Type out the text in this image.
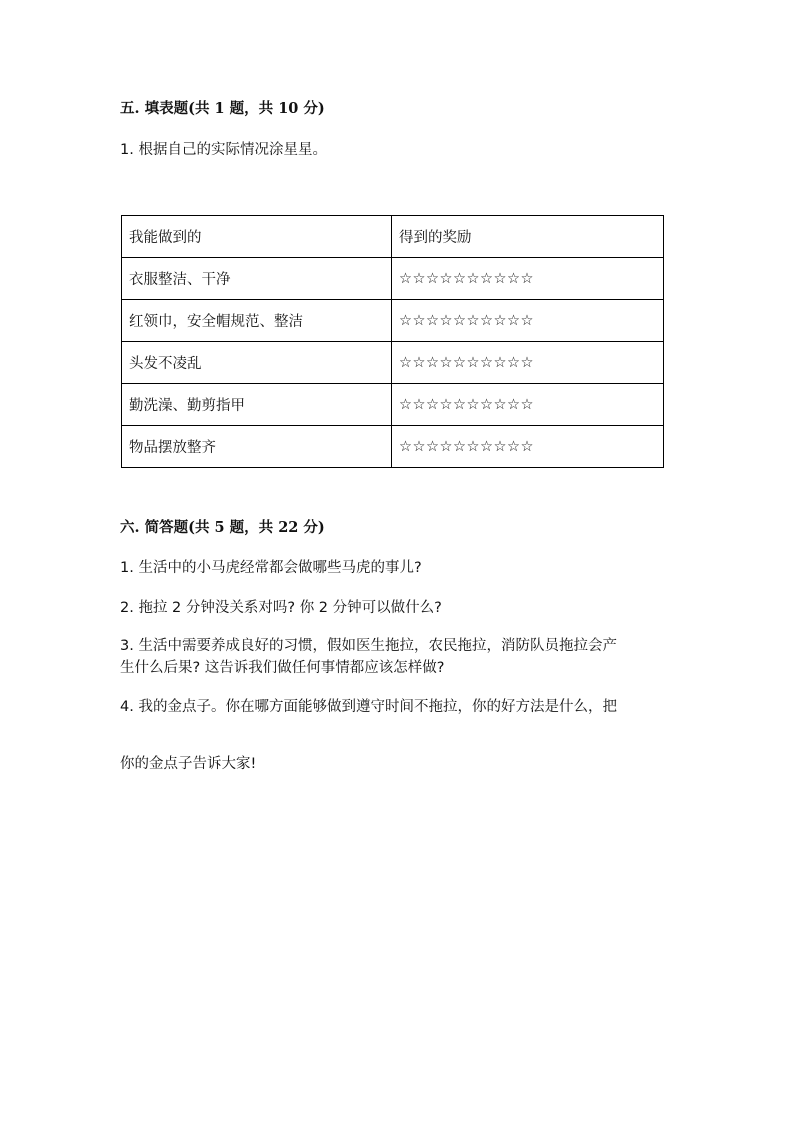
五. 填表题(共 1 题，共 10 分)
1. 根据自己的实际情况涂星星。
我能做到的	得到的奖励
衣服整洁、干净	☆☆☆☆☆☆☆☆☆☆
红领巾，安全帽规范、整洁	☆☆☆☆☆☆☆☆☆☆
头发不凌乱	☆☆☆☆☆☆☆☆☆☆
勤洗澡、勤剪指甲	☆☆☆☆☆☆☆☆☆☆
物品摆放整齐	☆☆☆☆☆☆☆☆☆☆
六. 简答题(共 5 题，共 22 分)
1. 生活中的小马虎经常都会做哪些马虎的事儿?
2. 拖拉 2 分钟没关系对吗? 你 2 分钟可以做什么?
3. 生活中需要养成良好的习惯，假如医生拖拉，农民拖拉，消防队员拖拉会产
生什么后果? 这告诉我们做任何事情都应该怎样做?
4. 我的金点子。你在哪方面能够做到遵守时间不拖拉，你的好方法是什么，把
你的金点子告诉大家!
